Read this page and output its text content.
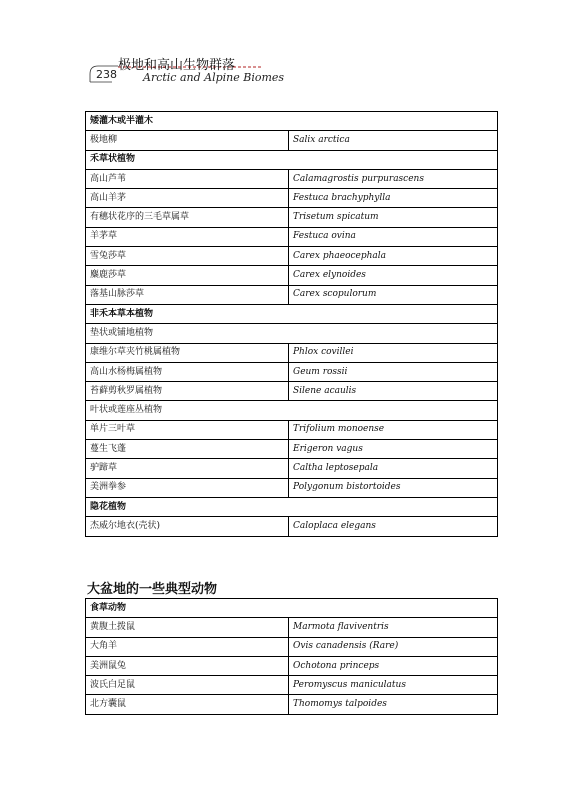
238
极地和高山生物群落
Arctic and Alpine Biomes
矮灌木或半灌木	
极地柳	Salix arctica
禾草状植物	
高山芦苇	Calamagrostis purpurascens
高山羊茅	Festuca brachyphylla
有穗状花序的三毛草属草	Trisetum spicatum
羊茅草	Festuca ovina
雪兔莎草	Carex phaeocephala
麋鹿莎草	Carex elynoides
落基山脉莎草	Carex scopulorum
非禾本草本植物	
垫状或铺地植物	
康维尔草夹竹桃属植物	Phlox covillei
高山水杨梅属植物	Geum rossii
苔藓剪秋罗属植物	Silene acaulis
叶状或莲座丛植物	
单片三叶草	Trifolium monoense
蔓生飞蓬	Erigeron vagus
驴蹄草	Caltha leptosepala
美洲拳参	Polygonum bistortoides
隐花植物	
杰威尔地衣(壳状)	Caloplaca elegans
大盆地的一些典型动物
食草动物	
黄腹土拨鼠	Marmota flaviventris
大角羊	Ovis canadensis (Rare)
美洲鼠兔	Ochotona princeps
波氏白足鼠	Peromyscus maniculatus
北方囊鼠	Thomomys talpoides
